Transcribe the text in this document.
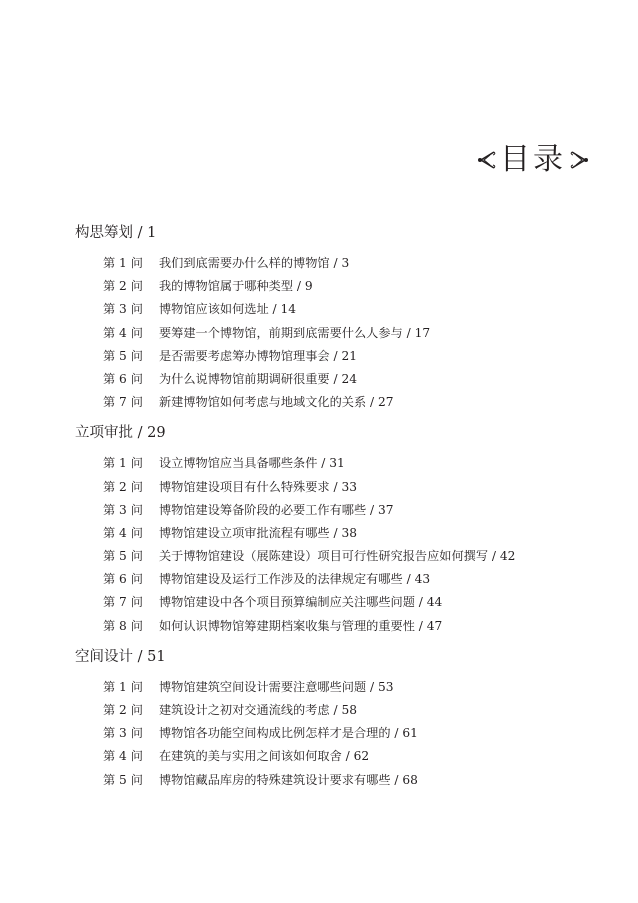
目录
构思筹划 / 1
第 1 问 我们到底需要办什么样的博物馆 / 3
第 2 问 我的博物馆属于哪种类型 / 9
第 3 问 博物馆应该如何选址 / 14
第 4 问 要筹建一个博物馆，前期到底需要什么人参与 / 17
第 5 问 是否需要考虑筹办博物馆理事会 / 21
第 6 问 为什么说博物馆前期调研很重要 / 24
第 7 问 新建博物馆如何考虑与地域文化的关系 / 27
立项审批 / 29
第 1 问 设立博物馆应当具备哪些条件 / 31
第 2 问 博物馆建设项目有什么特殊要求 / 33
第 3 问 博物馆建设筹备阶段的必要工作有哪些 / 37
第 4 问 博物馆建设立项审批流程有哪些 / 38
第 5 问 关于博物馆建设（展陈建设）项目可行性研究报告应如何撰写 / 42
第 6 问 博物馆建设及运行工作涉及的法律规定有哪些 / 43
第 7 问 博物馆建设中各个项目预算编制应关注哪些问题 / 44
第 8 问 如何认识博物馆筹建期档案收集与管理的重要性 / 47
空间设计 / 51
第 1 问 博物馆建筑空间设计需要注意哪些问题 / 53
第 2 问 建筑设计之初对交通流线的考虑 / 58
第 3 问 博物馆各功能空间构成比例怎样才是合理的 / 61
第 4 问 在建筑的美与实用之间该如何取舍 / 62
第 5 问 博物馆藏品库房的特殊建筑设计要求有哪些 / 68
